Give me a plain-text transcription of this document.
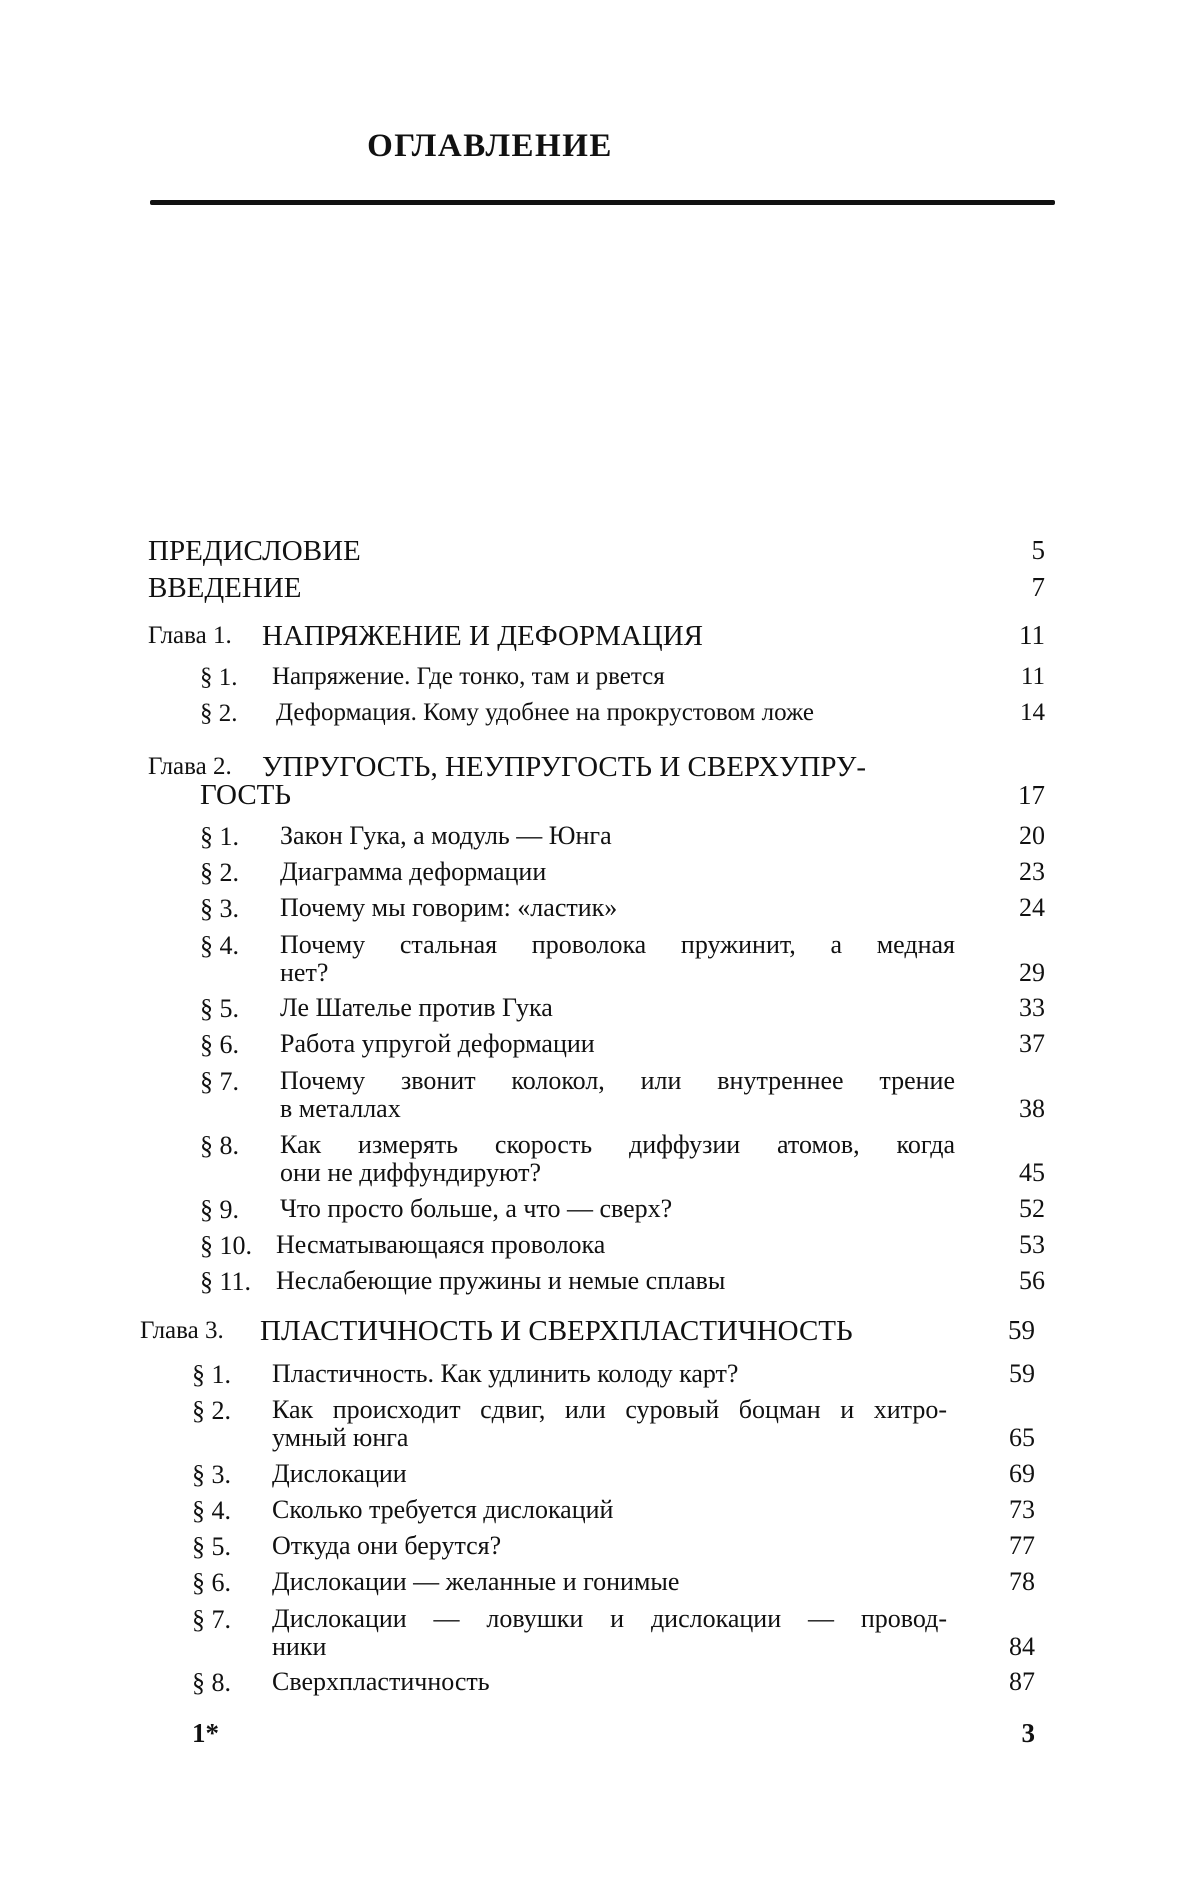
ОГЛАВЛЕНИЕ
ПРЕДИСЛОВИЕ	5
ВВЕДЕНИЕ	7
Глава 1. НАПРЯЖЕНИЕ И ДЕФОРМАЦИЯ	11
§ 1. Напряжение. Где тонко, там и рвется	11
§ 2. Деформация. Кому удобнее на прокрустовом ложе	14
Глава 2. УПРУГОСТЬ, НЕУПРУГОСТЬ И СВЕРХУПРУ-
ГОСТЬ	17
§ 1. Закон Гука, а модуль — Юнга	20
§ 2. Диаграмма деформации	23
§ 3. Почему мы говорим: «ластик»	24
§ 4. Почему стальная проволока пружинит, а медная
нет?	29
§ 5. Ле Шателье против Гука	33
§ 6. Работа упругой деформации	37
§ 7. Почему звонит колокол, или внутреннее трение
в металлах	38
§ 8. Как измерять скорость диффузии атомов, когда
они не диффундируют?	45
§ 9. Что просто больше, а что — сверх?	52
§ 10. Несматывающаяся проволока	53
§ 11. Неслабеющие пружины и немые сплавы	56
Глава 3. ПЛАСТИЧНОСТЬ И СВЕРХПЛАСТИЧНОСТЬ	59
§ 1. Пластичность. Как удлинить колоду карт?	59
§ 2. Как происходит сдвиг, или суровый боцман и хитро-
умный юнга	65
§ 3. Дислокации	69
§ 4. Сколько требуется дислокаций	73
§ 5. Откуда они берутся?	77
§ 6. Дислокации — желанные и гонимые	78
§ 7. Дислокации — ловушки и дислокации — провод-
ники	84
§ 8. Сверхпластичность	87
1*	3
